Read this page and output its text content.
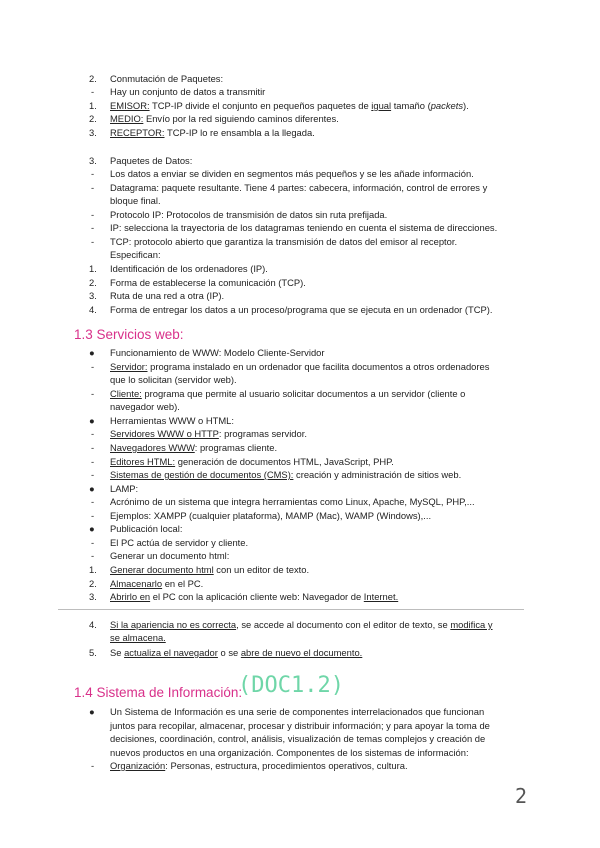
2.	Conmutación de Paquetes:
-	Hay un conjunto de datos a transmitir
1.	EMISOR: TCP-IP divide el conjunto en pequeños paquetes de igual tamaño (packets).
2.	MEDIO: Envío por la red siguiendo caminos diferentes.
3.	RECEPTOR: TCP-IP lo re ensambla a la llegada.
3.	Paquetes de Datos:
-	Los datos a enviar se dividen en segmentos más pequeños y se les añade información.
-	Datagrama: paquete resultante. Tiene 4 partes: cabecera, información, control de errores y
bloque final.
-	Protocolo IP: Protocolos de transmisión de datos sin ruta prefijada.
-	IP: selecciona la trayectoria de los datagramas teniendo en cuenta el sistema de direcciones.
-	TCP: protocolo abierto que garantiza la transmisión de datos del emisor al receptor.
Especifican:
1.	Identificación de los ordenadores (IP).
2.	Forma de establecerse la comunicación (TCP).
3.	Ruta de una red a otra (IP).
4.	Forma de entregar los datos a un proceso/programa que se ejecuta en un ordenador (TCP).
1.3 Servicios web:
●	Funcionamiento de WWW: Modelo Cliente-Servidor
-	Servidor: programa instalado en un ordenador que facilita documentos a otros ordenadores
que lo solicitan (servidor web).
-	Cliente: programa que permite al usuario solicitar documentos a un servidor (cliente o
navegador web).
●	Herramientas WWW o HTML:
-	Servidores WWW o HTTP: programas servidor.
-	Navegadores WWW: programas cliente.
-	Editores HTML: generación de documentos HTML, JavaScript, PHP.
-	Sistemas de gestión de documentos (CMS): creación y administración de sitios web.
●	LAMP:
-	Acrónimo de un sistema que integra herramientas como Linux, Apache, MySQL, PHP,...
-	Ejemplos: XAMPP (cualquier plataforma), MAMP (Mac), WAMP (Windows),...
●	Publicación local:
-	El PC actúa de servidor y cliente.
-	Generar un documento html:
1.	Generar documento html con un editor de texto.
2.	Almacenarlo en el PC.
3.	Abrirlo en el PC con la aplicación cliente web: Navegador de Internet.
4.	Si la apariencia no es correcta, se accede al documento con el editor de texto, se modifica y
se almacena.
5.	Se actualiza el navegador o se abre de nuevo el documento.
1.4 Sistema de Información:
(DOC1.2)
●	Un Sistema de Información es una serie de componentes interrelacionados que funcionan
juntos para recopilar, almacenar, procesar y distribuir información; y para apoyar la toma de
decisiones, coordinación, control, análisis, visualización de temas complejos y creación de
nuevos productos en una organización. Componentes de los sistemas de información:
-	Organización: Personas, estructura, procedimientos operativos, cultura.
2
